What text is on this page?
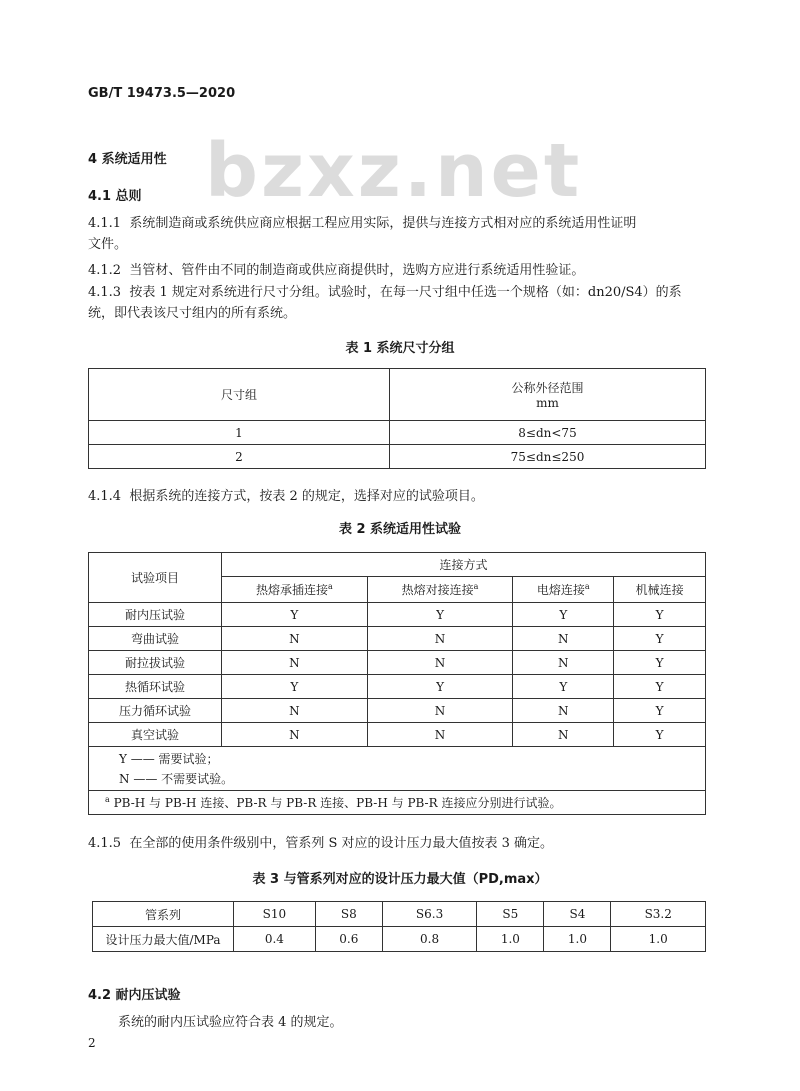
GB/T 19473.5—2020
bzxz.net
4 系统适用性
4.1 总则
4.1.1 系统制造商或系统供应商应根据工程应用实际，提供与连接方式相对应的系统适用性证明
文件。
4.1.2 当管材、管件由不同的制造商或供应商提供时，选购方应进行系统适用性验证。
4.1.3 按表 1 规定对系统进行尺寸分组。试验时，在每一尺寸组中任选一个规格（如：dn20/S4）的系
统，即代表该尺寸组内的所有系统。
表 1 系统尺寸分组
尺寸组	公称外径范围
mm
1	8≤dn<75
2	75≤dn≤250
4.1.4 根据系统的连接方式，按表 2 的规定，选择对应的试验项目。
表 2 系统适用性试验
试验项目	连接方式			
	热熔承插连接$^a$	热熔对接连接$^a$	电熔连接$^a$	机械连接
耐内压试验	Y	Y	Y	Y
弯曲试验	N	N	N	Y
耐拉拔试验	N	N	N	Y
热循环试验	Y	Y	Y	Y
压力循环试验	N	N	N	Y
真空试验	N	N	N	Y
Y —— 需要试验；
N —— 不需要试验。				
$^a$ PB-H 与 PB-H 连接、PB-R 与 PB-R 连接、PB-H 与 PB-R 连接应分别进行试验。				
4.1.5 在全部的使用条件级别中，管系列 S 对应的设计压力最大值按表 3 确定。
表 3 与管系列对应的设计压力最大值（PD,max）
管系列	S10	S8	S6.3	S5	S4	S3.2
设计压力最大值/MPa	0.4	0.6	0.8	1.0	1.0	1.0
4.2 耐内压试验
系统的耐内压试验应符合表 4 的规定。
2
